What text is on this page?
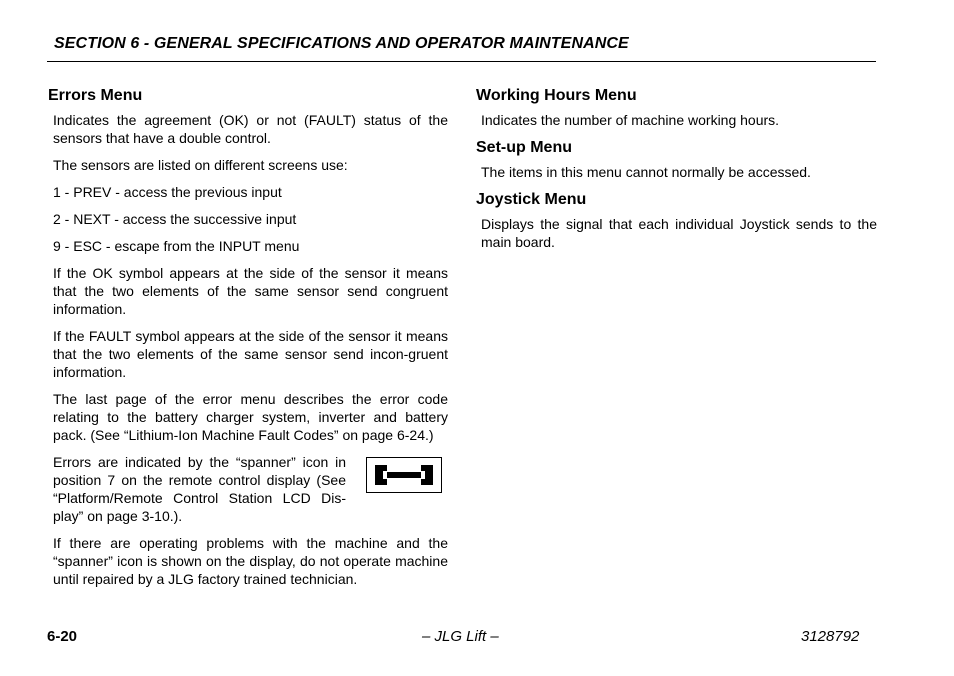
SECTION 6 - GENERAL SPECIFICATIONS AND OPERATOR MAINTENANCE
Errors Menu
Indicates the agreement (OK) or not (FAULT) status of the sensors that have a double control.
The sensors are listed on different screens use:
1 - PREV - access the previous input
2 - NEXT - access the successive input
9 - ESC - escape from the INPUT menu
If the OK symbol appears at the side of the sensor it means that the two elements of the same sensor send congruent information.
If the FAULT symbol appears at the side of the sensor it means that the two elements of the same sensor send incon-gruent information.
The last page of the error menu describes the error code relating to the battery charger system, inverter and battery pack. (See “Lithium-Ion Machine Fault Codes” on page 6-24.)
Errors are indicated by the “spanner” icon in position 7 on the remote control display (See “Platform/Remote Control Station LCD Dis-play” on page 3-10.).
If there are operating problems with the machine and the “spanner” icon is shown on the display, do not operate machine until repaired by a JLG factory trained technician.
Working Hours Menu
Indicates the number of machine working hours.
Set-up Menu
The items in this menu cannot normally be accessed.
Joystick Menu
Displays the signal that each individual Joystick sends to the main board.
6-20	– JLG Lift –	3128792
